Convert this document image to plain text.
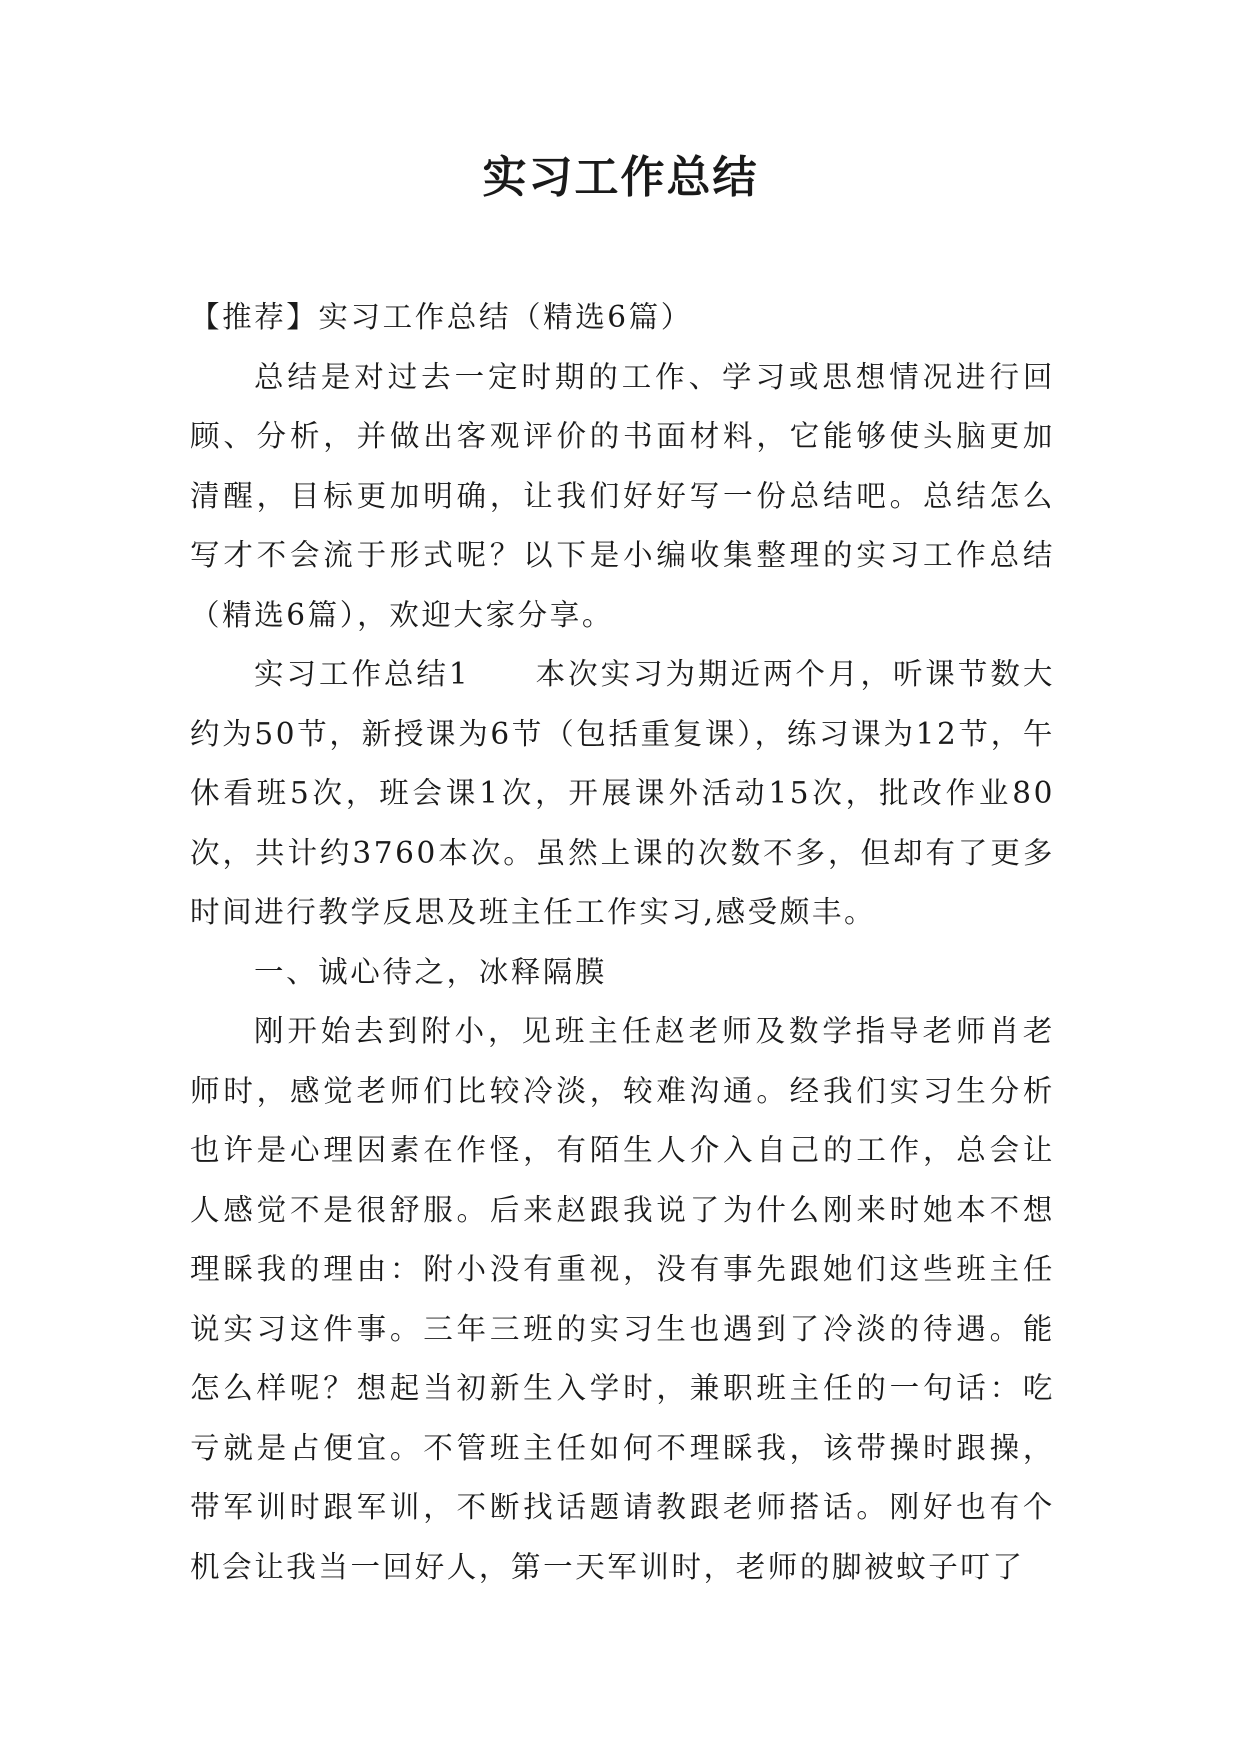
实习工作总结

【推荐】实习工作总结（精选6篇）

总结是对过去一定时期的工作、学习或思想情况进行回顾、分析，并做出客观评价的书面材料，它能够使头脑更加清醒，目标更加明确，让我们好好写一份总结吧。总结怎么写才不会流于形式呢？以下是小编收集整理的实习工作总结（精选6篇），欢迎大家分享。

实习工作总结1　　本次实习为期近两个月，听课节数大约为50节，新授课为6节（包括重复课），练习课为12节，午休看班5次，班会课1次，开展课外活动15次，批改作业80次，共计约3760本次。虽然上课的次数不多，但却有了更多时间进行教学反思及班主任工作实习,感受颇丰。

一、诚心待之，冰释隔膜

刚开始去到附小，见班主任赵老师及数学指导老师肖老师时，感觉老师们比较冷淡，较难沟通。经我们实习生分析也许是心理因素在作怪，有陌生人介入自己的工作，总会让人感觉不是很舒服。后来赵跟我说了为什么刚来时她本不想理睬我的理由：附小没有重视，没有事先跟她们这些班主任说实习这件事。三年三班的实习生也遇到了冷淡的待遇。能怎么样呢？想起当初新生入学时，兼职班主任的一句话：吃亏就是占便宜。不管班主任如何不理睬我，该带操时跟操，带军训时跟军训，不断找话题请教跟老师搭话。刚好也有个机会让我当一回好人，第一天军训时，老师的脚被蚊子叮了
